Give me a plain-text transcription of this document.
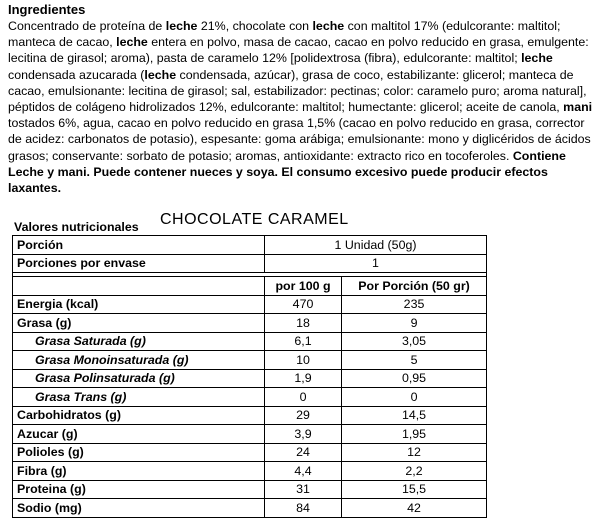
Ingredientes
Concentrado de proteína de leche 21%, chocolate con leche con maltitol 17% (edulcorante: maltitol; manteca de cacao, leche entera en polvo, masa de cacao, cacao en polvo reducido en grasa, emulgente: lecitina de girasol; aroma), pasta de caramelo 12% [polidextrosa (fibra), edulcorante: maltitol; leche condensada azucarada (leche condensada, azúcar), grasa de coco, estabilizante: glicerol; manteca de cacao, emulsionante: lecitina de girasol; sal, estabilizador: pectinas; color: caramelo puro; aroma natural], péptidos de colágeno hidrolizados 12%, edulcorante: maltitol; humectante: glicerol; aceite de canola, mani tostados 6%, agua, cacao en polvo reducido en grasa 1,5% (cacao en polvo reducido en grasa, corrector de acidez: carbonatos de potasio), espesante: goma arábiga; emulsionante: mono y diglicéridos de ácidos grasos; conservante: sorbato de potasio; aromas, antioxidante: extracto rico en tocoferoles. Contiene Leche y mani. Puede contener nueces y soya. El consumo excesivo puede producir efectos laxantes.
Valores nutricionales CHOCOLATE CARAMEL
Porción	1 Unidad (50g)	
Porciones por envase	1	

	por 100 g	Por Porción (50 gr)
Energia (kcal)	470	235
Grasa (g)	18	9
Grasa Saturada (g)	6,1	3,05
Grasa Monoinsaturada (g)	10	5
Grasa Polinsaturada (g)	1,9	0,95
Grasa Trans (g)	0	0
Carbohidratos (g)	29	14,5
Azucar (g)	3,9	1,95
Polioles (g)	24	12
Fibra (g)	4,4	2,2
Proteina (g)	31	15,5
Sodio (mg)	84	42
